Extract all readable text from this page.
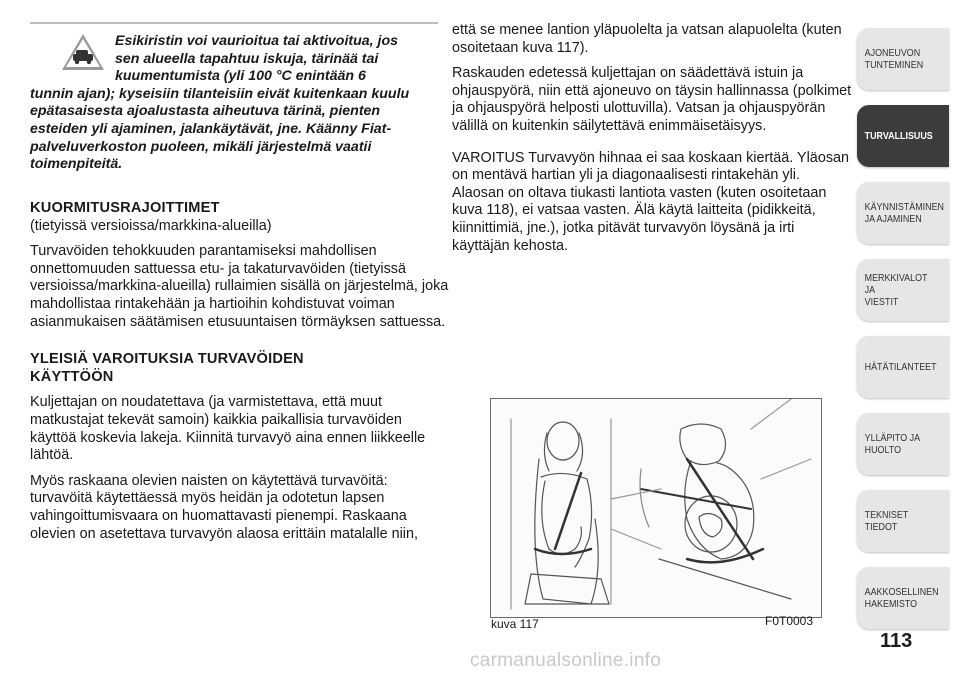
Esikiristin voi vaurioitua tai aktivoitua, jos
sen alueella tapahtuu iskuja, tärinää tai
kuumentumista (yli 100 °C enintään 6
tunnin ajan); kyseisiin tilanteisiin eivät kuitenkaan kuulu epätasaisesta ajoalustasta aiheutuva tärinä, pienten esteiden yli ajaminen, jalankäytävät, jne. Käänny Fiat-palveluverkoston puoleen, mikäli järjestelmä vaatii toimenpiteitä.

KUORMITUSRAJOITTIMET

(tietyissä versioissa/markkina-alueilla)

Turvavöiden tehokkuuden parantamiseksi mahdollisen onnettomuuden sattuessa etu- ja takaturvavöiden (tietyissä versioissa/markkina-alueilla) rullaimien sisällä on järjestelmä, joka mahdollistaa rintakehään ja hartioihin kohdistuvat voiman asianmukaisen säätämisen etusuuntaisen törmäyksen sattuessa.

YLEISIÄ VAROITUKSIA TURVAVÖIDEN

KÄYTTÖÖN

Kuljettajan on noudatettava (ja varmistettava, että muut matkustajat tekevät samoin) kaikkia paikallisia turvavöiden käyttöä koskevia lakeja. Kiinnitä turvavyö aina ennen liikkeelle lähtöä.

Myös raskaana olevien naisten on käytettävä turvavöitä: turvavöitä käytettäessä myös heidän ja odotetun lapsen vahingoittumisvaara on huomattavasti pienempi. Raskaana olevien on asetettava turvavyön alaosa erittäin matalalle niin,

että se menee lantion yläpuolelta ja vatsan alapuolelta (kuten osoitetaan kuva 117).

Raskauden edetessä kuljettajan on säädettävä istuin ja ohjauspyörä, niin että ajoneuvo on täysin hallinnassa (polkimet ja ohjauspyörä helposti ulottuvilla). Vatsan ja ohjauspyörän välillä on kuitenkin säilytettävä enimmäisetäisyys.

VAROITUS Turvavyön hihnaa ei saa koskaan kiertää. Yläosan on mentävä hartian yli ja diagonaalisesti rintakehän yli. Alaosan on oltava tiukasti lantiota vasten (kuten osoitetaan kuva 118), ei vatsaa vasten. Älä käytä laitteita (pidikkeitä, kiinnittimiä, jne.), jotka pitävät turvavyön löysänä ja irti käyttäjän kehosta.

kuva 117	F0T0003
AJONEUVON
TUNTEMINEN
TURVALLISUUS
KÄYNNISTÄMINEN
JA AJAMINEN
MERKKIVALOT JA
VIESTIT
HÄTÄTILANTEET
YLLÄPITO JA HUOLTO
TEKNISET TIEDOT
AAKKOSELLINEN
HAKEMISTO
113
carmanualsonline.info
